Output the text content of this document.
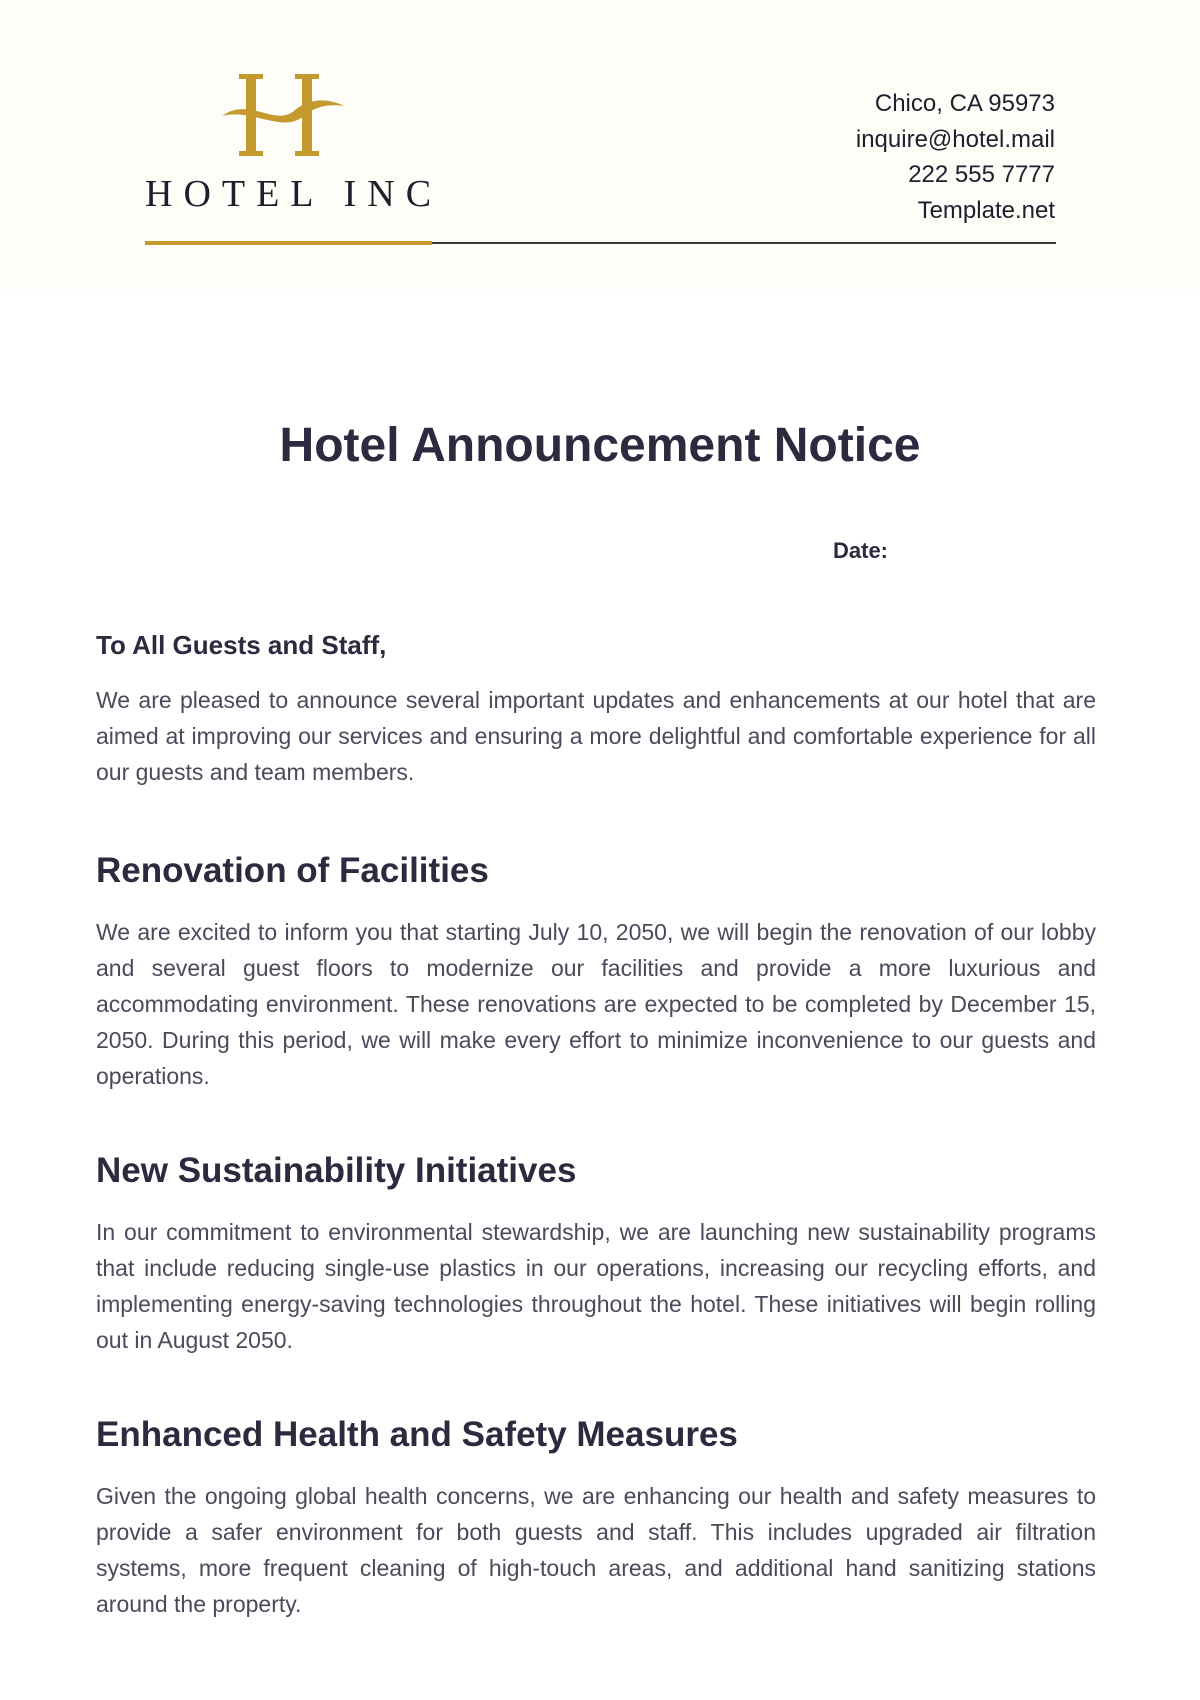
HOTEL INC
Chico, CA 95973
inquire@hotel.mail
222 555 7777
Template.net
Hotel Announcement Notice
Date:

To All Guests and Staff,

We are pleased to announce several important updates and enhancements at our hotel that are aimed at improving our services and ensuring a more delightful and comfortable experience for all our guests and team members.

Renovation of Facilities

We are excited to inform you that starting July 10, 2050, we will begin the renovation of our lobby and several guest floors to modernize our facilities and provide a more luxurious and accommodating environment. These renovations are expected to be completed by December 15, 2050. During this period, we will make every effort to minimize inconvenience to our guests and operations.

New Sustainability Initiatives

In our commitment to environmental stewardship, we are launching new sustainability programs that include reducing single-use plastics in our operations, increasing our recycling efforts, and implementing energy-saving technologies throughout the hotel. These initiatives will begin rolling out in August 2050.

Enhanced Health and Safety Measures

Given the ongoing global health concerns, we are enhancing our health and safety measures to provide a safer environment for both guests and staff. This includes upgraded air filtration systems, more frequent cleaning of high-touch areas, and additional hand sanitizing stations around the property.
